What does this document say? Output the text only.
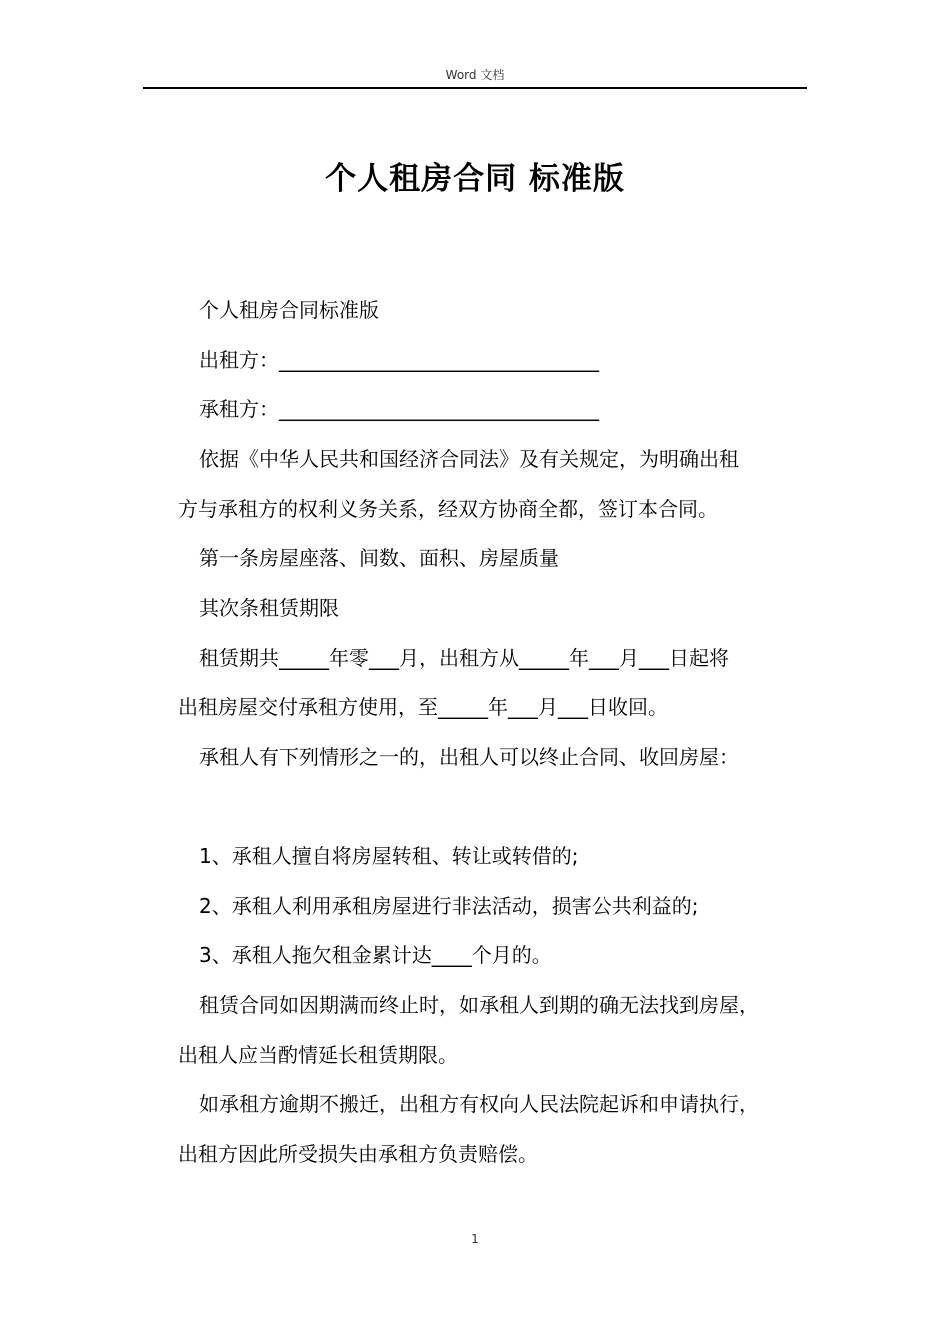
Word 文档
个人租房合同 标准版
个人租房合同标准版
出租方：________________________________
承租方：________________________________
依据《中华人民共和国经济合同法》及有关规定，为明确出租
方与承租方的权利义务关系，经双方协商全都，签订本合同。
第一条房屋座落、间数、面积、房屋质量
其次条租赁期限
租赁期共_____年零___月，出租方从_____年___月___日起将
出租房屋交付承租方使用，至_____年___月___日收回。
承租人有下列情形之一的，出租人可以终止合同、收回房屋：
1、承租人擅自将房屋转租、转让或转借的;
2、承租人利用承租房屋进行非法活动，损害公共利益的;
3、承租人拖欠租金累计达____个月的。
租赁合同如因期满而终止时，如承租人到期的确无法找到房屋，
出租人应当酌情延长租赁期限。
如承租方逾期不搬迁，出租方有权向人民法院起诉和申请执行，
出租方因此所受损失由承租方负责赔偿。
1
